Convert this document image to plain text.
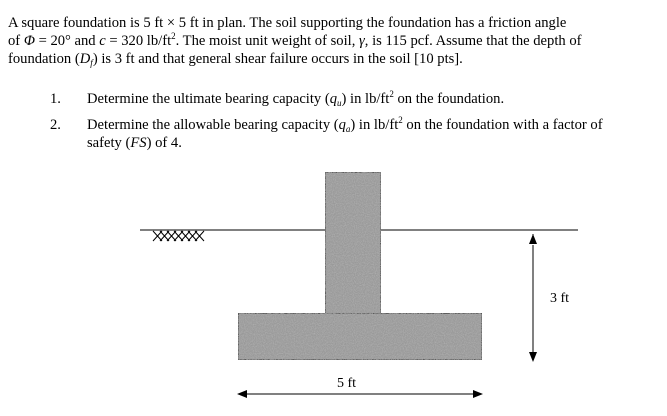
A square foundation is 5 ft × 5 ft in plan. The soil supporting the foundation has a friction angle
of Φ = 20° and c = 320 $lb/ft^2$. The moist unit weight of soil, γ, is 115 pcf. Assume that the depth of
foundation $(D_f)$ is 3 ft and that general shear failure occurs in the soil [10 pts].
1. Determine the ultimate bearing capacity $(q_u)$ in $lb/ft^2$ on the foundation.
2. Determine the allowable bearing capacity $(q_a)$ in $lb/ft^2$ on the foundation with a factor of
safety (FS) of 4.
3 ft
5 ft
